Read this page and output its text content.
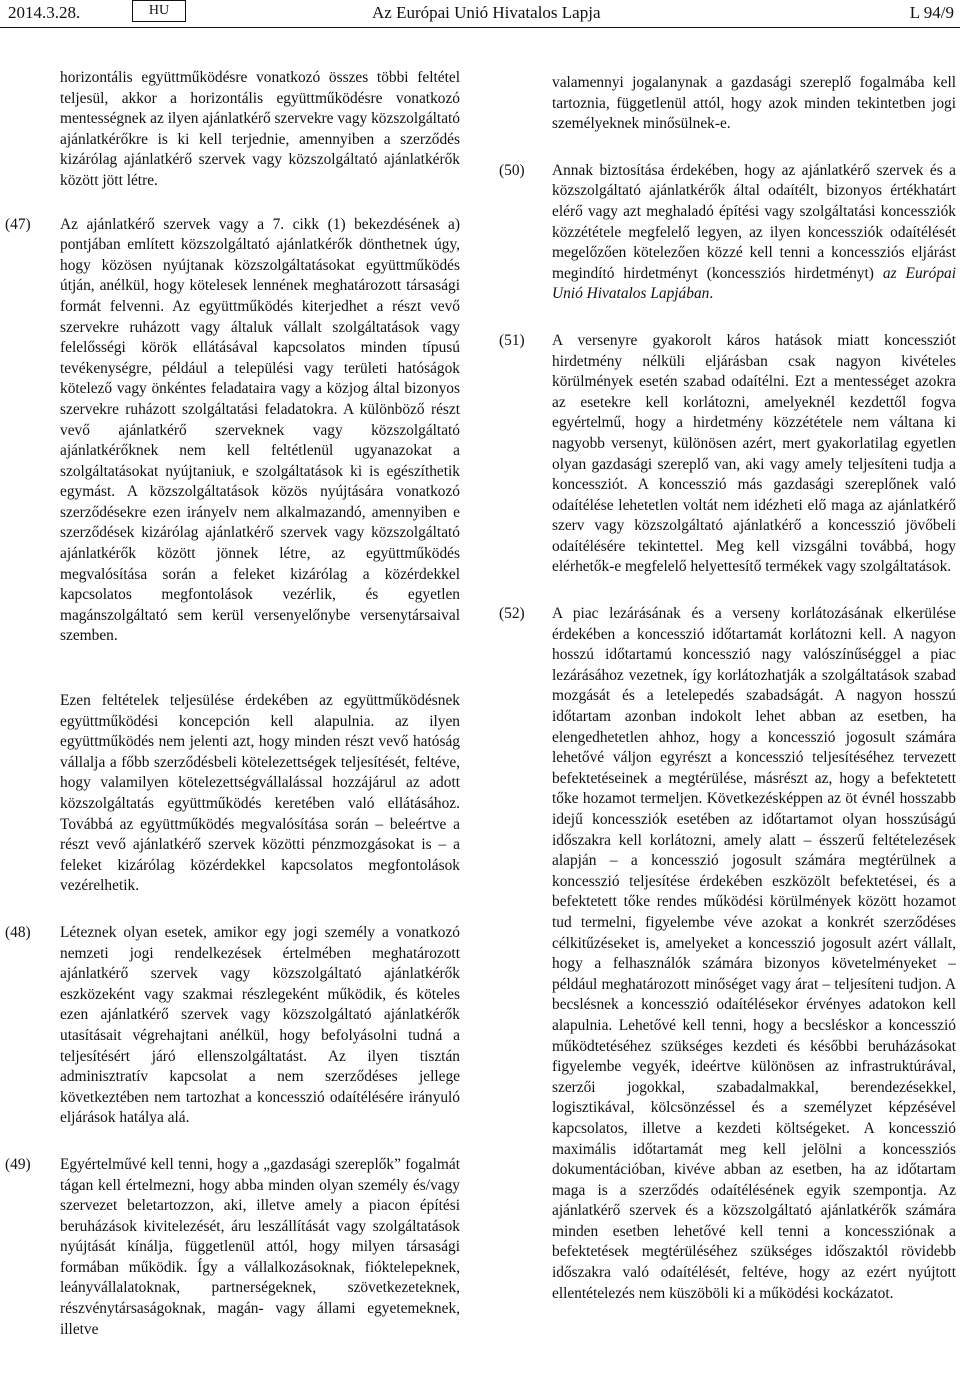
2014.3.28.	HU	Az Európai Unió Hivatalos Lapja	L 94/9
horizontális együttműködésre vonatkozó összes többi feltétel teljesül, akkor a horizontális együttműködésre vonatkozó mentességnek az ilyen ajánlatkérő szervekre vagy közszolgáltató ajánlatkérőkre is ki kell terjednie, amennyiben a szerződés kizárólag ajánlatkérő szervek vagy közszolgáltató ajánlatkérők között jött létre.
(47) Az ajánlatkérő szervek vagy a 7. cikk (1) bekezdésének a) pontjában említett közszolgáltató ajánlatkérők dönthetnek úgy, hogy közösen nyújtanak közszolgáltatásokat együttműködés útján, anélkül, hogy kötelesek lennének meghatározott társasági formát felvenni. Az együttműködés kiterjedhet a részt vevő szervekre ruházott vagy általuk vállalt szolgáltatások vagy felelősségi körök ellátásával kapcsolatos minden típusú tevékenységre, például a települési vagy területi hatóságok kötelező vagy önkéntes feladataira vagy a közjog által bizonyos szervekre ruházott szolgáltatási feladatokra. A különböző részt vevő ajánlatkérő szerveknek vagy közszolgáltató ajánlatkérőknek nem kell feltétlenül ugyanazokat a szolgáltatásokat nyújtaniuk, e szolgáltatások ki is egészíthetik egymást. A közszolgáltatások közös nyújtására vonatkozó szerződésekre ezen irányelv nem alkalmazandó, amennyiben e szerződések kizárólag ajánlatkérő szervek vagy közszolgáltató ajánlatkérők között jönnek létre, az együttműködés megvalósítása során a feleket kizárólag a közérdekkel kapcsolatos megfontolások vezérlik, és egyetlen magánszolgáltató sem kerül versenyelőnybe versenytársaival szemben.
Ezen feltételek teljesülése érdekében az együttműködésnek együttműködési koncepción kell alapulnia. az ilyen együttműködés nem jelenti azt, hogy minden részt vevő hatóság vállalja a főbb szerződésbeli kötelezettségek teljesítését, feltéve, hogy valamilyen kötelezettségvállalással hozzájárul az adott közszolgáltatás együttműködés keretében való ellátásához. Továbbá az együttműködés megvalósítása során – beleértve a részt vevő ajánlatkérő szervek közötti pénzmozgásokat is – a feleket kizárólag közérdekkel kapcsolatos megfontolások vezérelhetik.
(48) Léteznek olyan esetek, amikor egy jogi személy a vonatkozó nemzeti jogi rendelkezések értelmében meghatározott ajánlatkérő szervek vagy közszolgáltató ajánlatkérők eszközeként vagy szakmai részlegeként működik, és köteles ezen ajánlatkérő szervek vagy közszolgáltató ajánlatkérők utasításait végrehajtani anélkül, hogy befolyásolni tudná a teljesítésért járó ellenszolgáltatást. Az ilyen tisztán adminisztratív kapcsolat a nem szerződéses jellege következtében nem tartozhat a koncesszió odaítélésére irányuló eljárások hatálya alá.
(49) Egyértelművé kell tenni, hogy a „gazdasági szereplők” fogalmát tágan kell értelmezni, hogy abba minden olyan személy és/vagy szervezet beletartozzon, aki, illetve amely a piacon építési beruházások kivitelezését, áru leszállítását vagy szolgáltatások nyújtását kínálja, függetlenül attól, hogy milyen társasági formában működik. Így a vállalkozásoknak, fióktelepeknek, leányvállalatoknak, partnerségeknek, szövetkezeteknek, részvénytársaságoknak, magán- vagy állami egyetemeknek, illetve
valamennyi jogalanynak a gazdasági szereplő fogalmába kell tartoznia, függetlenül attól, hogy azok minden tekintetben jogi személyeknek minősülnek-e.
(50) Annak biztosítása érdekében, hogy az ajánlatkérő szervek és a közszolgáltató ajánlatkérők által odaítélt, bizonyos értékhatárt elérő vagy azt meghaladó építési vagy szolgáltatási koncessziók közzététele megfelelő legyen, az ilyen koncessziók odaítélését megelőzően kötelezően közzé kell tenni a koncessziós eljárást megindító hirdetményt (koncessziós hirdetményt) az Európai Unió Hivatalos Lapjában.
(51) A versenyre gyakorolt káros hatások miatt koncessziót hirdetmény nélküli eljárásban csak nagyon kivételes körülmények esetén szabad odaítélni. Ezt a mentességet azokra az esetekre kell korlátozni, amelyeknél kezdettől fogva egyértelmű, hogy a hirdetmény közzététele nem váltana ki nagyobb versenyt, különösen azért, mert gyakorlatilag egyetlen olyan gazdasági szereplő van, aki vagy amely teljesíteni tudja a koncessziót. A koncesszió más gazdasági szereplőnek való odaítélése lehetetlen voltát nem idézheti elő maga az ajánlatkérő szerv vagy közszolgáltató ajánlatkérő a koncesszió jövőbeli odaítélésére tekintettel. Meg kell vizsgálni továbbá, hogy elérhetők-e megfelelő helyettesítő termékek vagy szolgáltatások.
(52) A piac lezárásának és a verseny korlátozásának elkerülése érdekében a koncesszió időtartamát korlátozni kell. A nagyon hosszú időtartamú koncesszió nagy valószínűséggel a piac lezárásához vezetnek, így korlátozhatják a szolgáltatások szabad mozgását és a letelepedés szabadságát. A nagyon hosszú időtartam azonban indokolt lehet abban az esetben, ha elengedhetetlen ahhoz, hogy a koncesszió jogosult számára lehetővé váljon egyrészt a koncesszió teljesítéséhez tervezett befektetéseinek a megtérülése, másrészt az, hogy a befektetett tőke hozamot termeljen. Következésképpen az öt évnél hosszabb idejű koncessziók esetében az időtartamot olyan hosszúságú időszakra kell korlátozni, amely alatt – ésszerű feltételezések alapján – a koncesszió jogosult számára megtérülnek a koncesszió teljesítése érdekében eszközölt befektetései, és a befektetett tőke rendes működési körülmények között hozamot tud termelni, figyelembe véve azokat a konkrét szerződéses célkitűzéseket is, amelyeket a koncesszió jogosult azért vállalt, hogy a felhasználók számára bizonyos követelményeket – például meghatározott minőséget vagy árat – teljesíteni tudjon. A becslésnek a koncesszió odaítélésekor érvényes adatokon kell alapulnia. Lehetővé kell tenni, hogy a becsléskor a koncesszió működtetéséhez szükséges kezdeti és későbbi beruházásokat figyelembe vegyék, ideértve különösen az infrastruktúrával, szerzői jogokkal, szabadalmakkal, berendezésekkel, logisztikával, kölcsönzéssel és a személyzet képzésével kapcsolatos, illetve a kezdeti költségeket. A koncesszió maximális időtartamát meg kell jelölni a koncessziós dokumentációban, kivéve abban az esetben, ha az időtartam maga is a szerződés odaítélésének egyik szempontja. Az ajánlatkérő szervek és a közszolgáltató ajánlatkérők számára minden esetben lehetővé kell tenni a koncessziónak a befektetések megtérüléséhez szükséges időszaktól rövidebb időszakra való odaítélését, feltéve, hogy az ezért nyújtott ellentételezés nem küszöböli ki a működési kockázatot.
